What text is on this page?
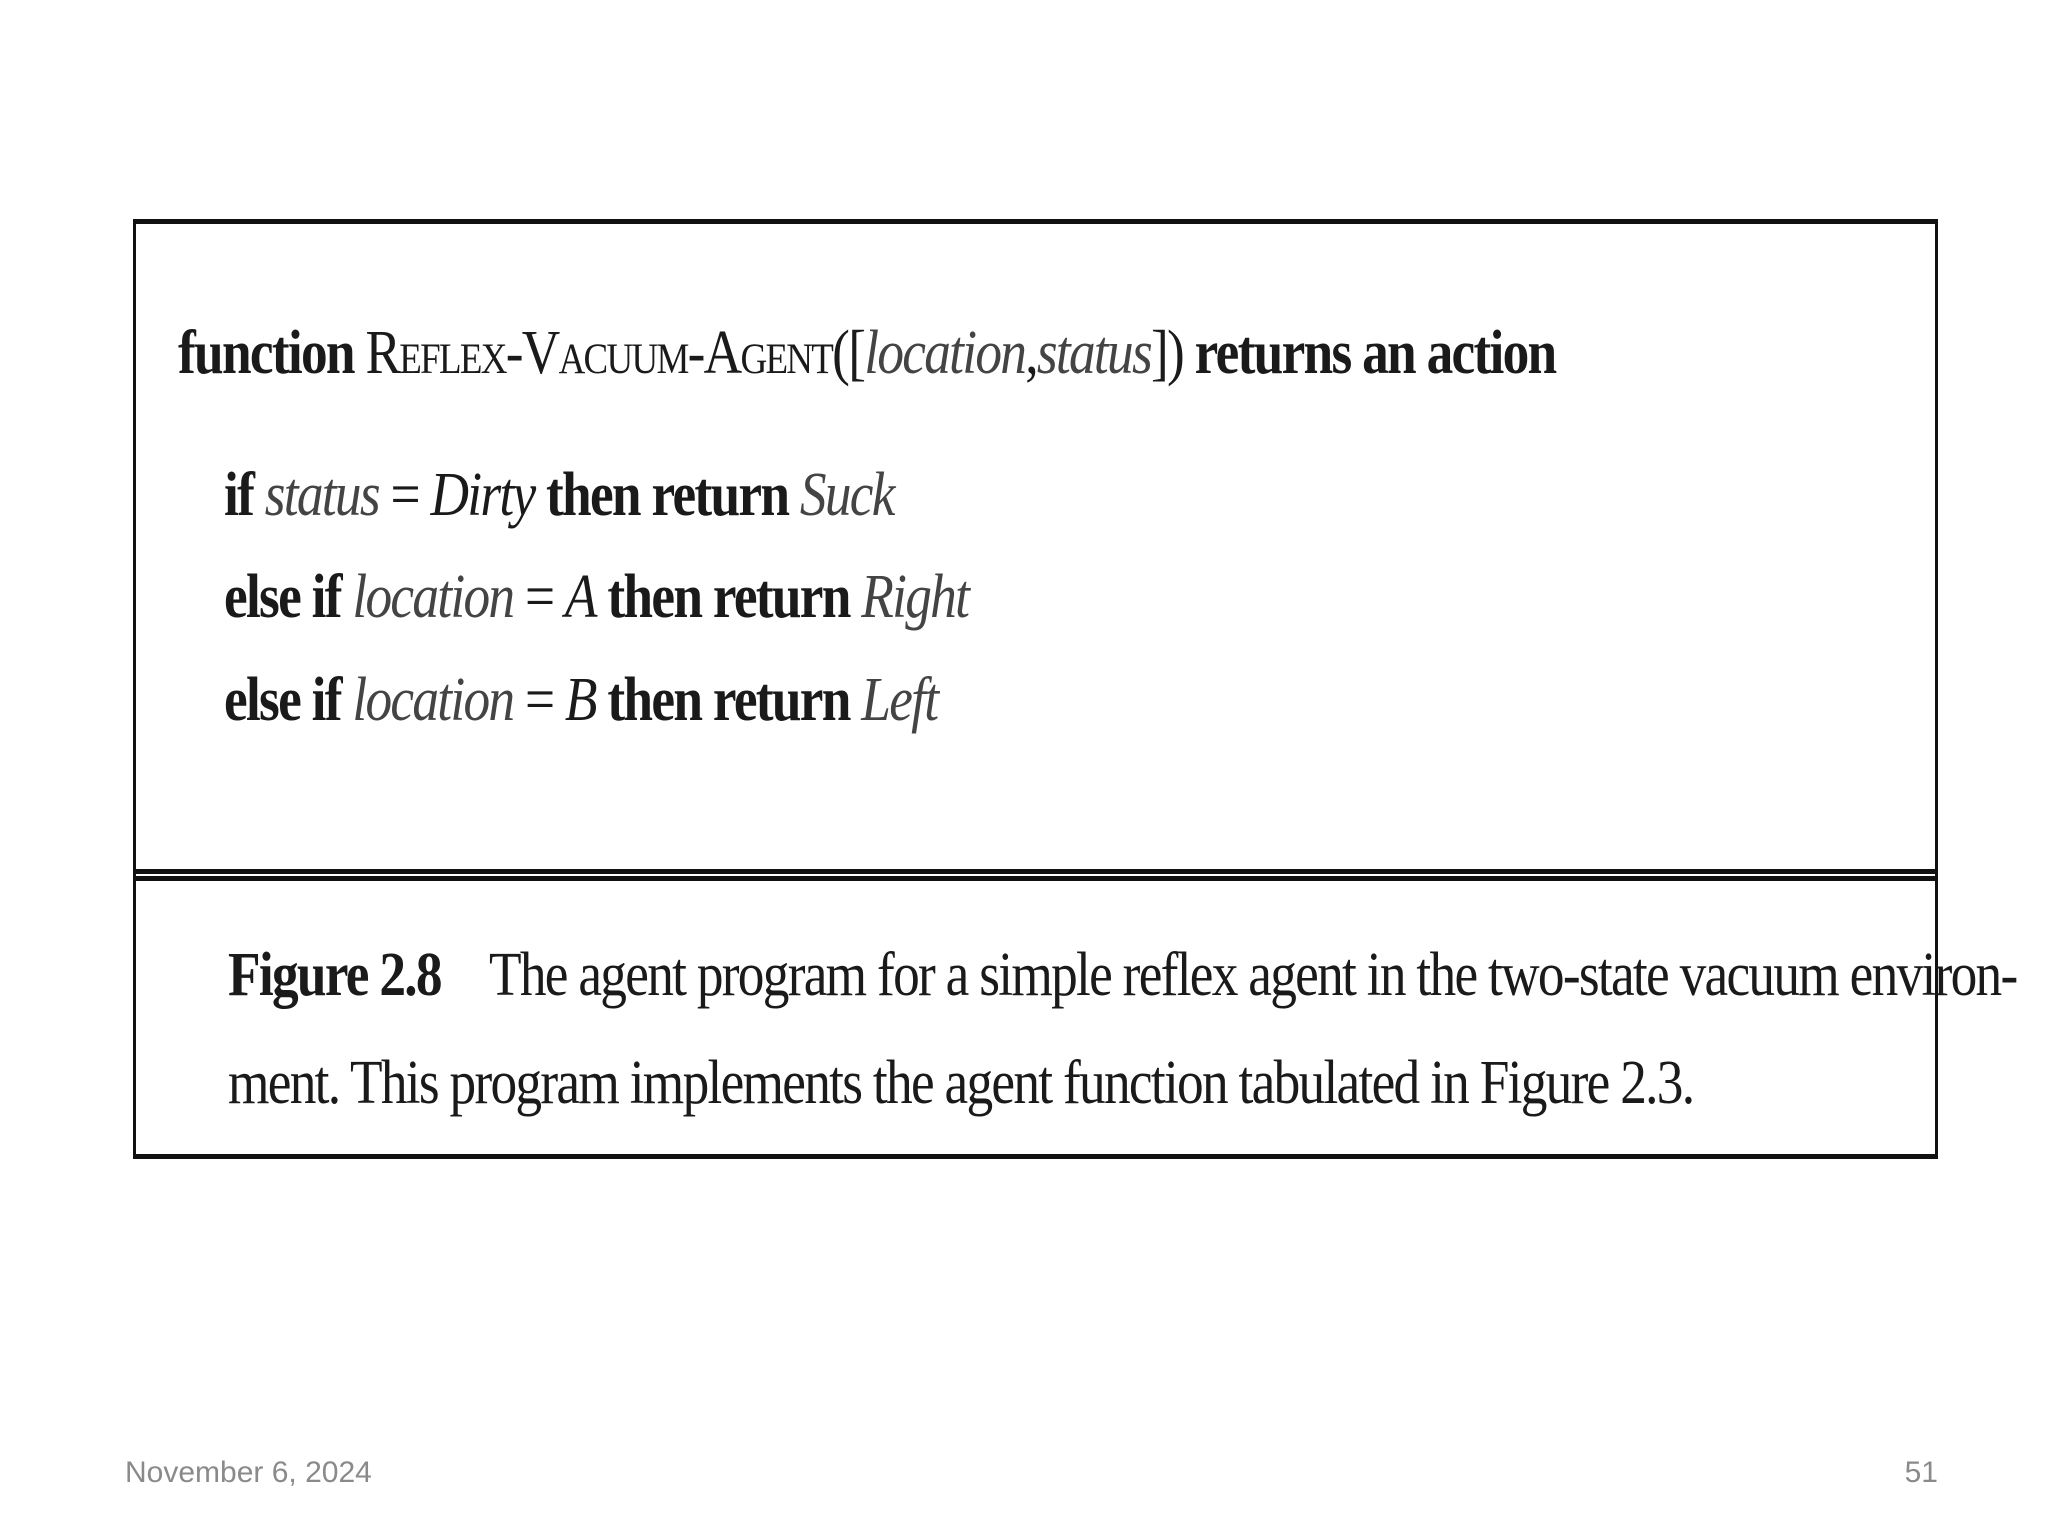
function Reflex-Vacuum-Agent([location,status]) returns an action
if status = Dirty then return Suck
else if location = A then return Right
else if location = B then return Left
Figure 2.8 The agent program for a simple reflex agent in the two-state vacuum environ-
ment. This program implements the agent function tabulated in Figure 2.3.
November 6, 2024	51
